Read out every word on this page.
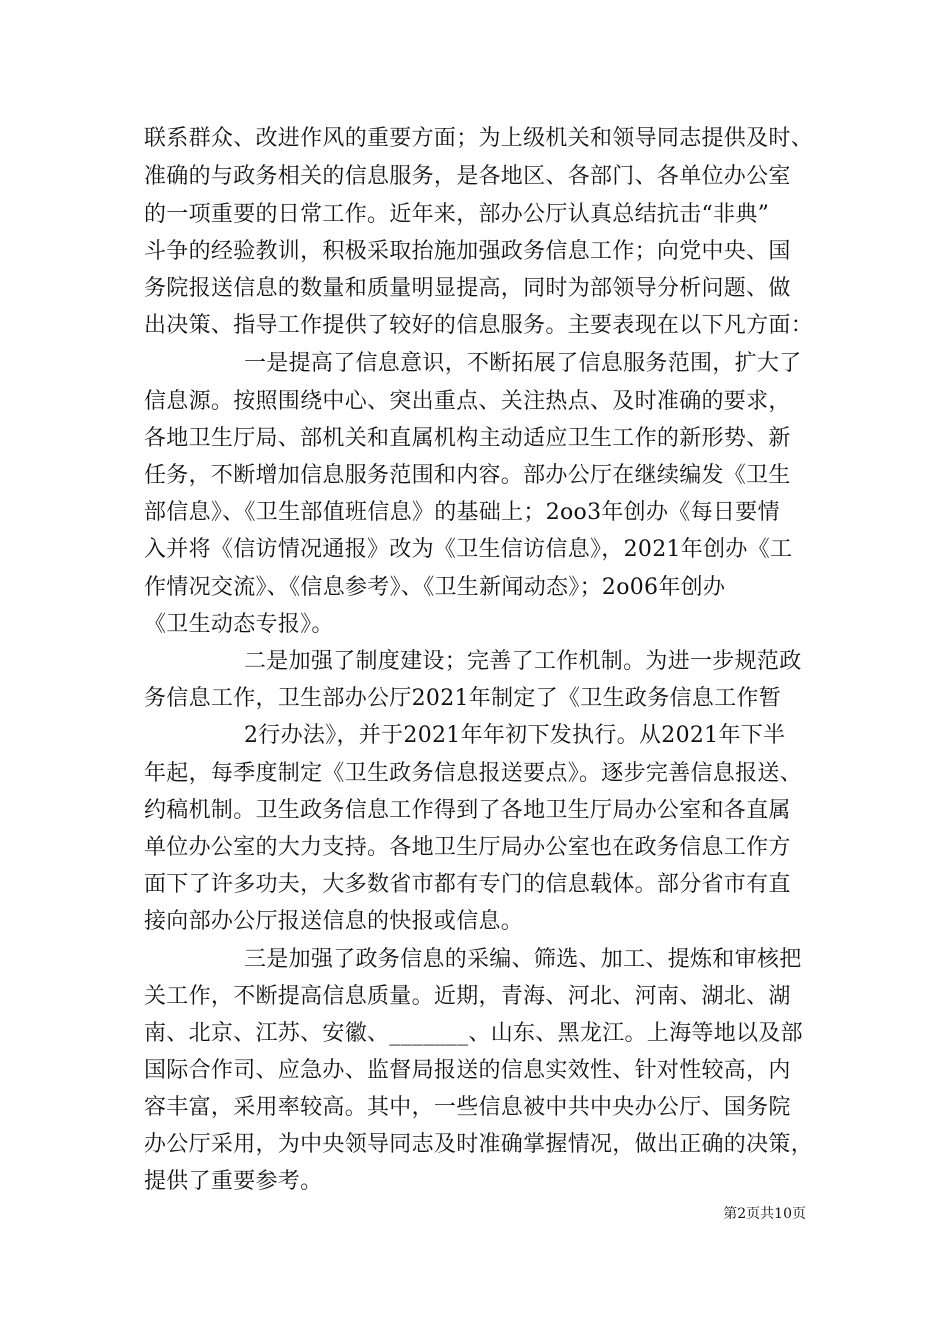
联系群众、改进作风的重要方面；为上级机关和领导同志提供及时、
准确的与政务相关的信息服务，是各地区、各部门、各单位办公室
的一项重要的日常工作。近年来，部办公厅认真总结抗击“非典”
斗争的经验教训，积极采取抬施加强政务信息工作；向党中央、国
务院报送信息的数量和质量明显提高，同时为部领导分析问题、做
出决策、指导工作提供了较好的信息服务。主要表现在以下凡方面：
一是提高了信息意识，不断拓展了信息服务范围，扩大了
信息源。按照围绕中心、突出重点、关注热点、及时准确的要求，
各地卫生厅局、部机关和直属机构主动适应卫生工作的新形势、新
任务，不断增加信息服务范围和内容。部办公厅在继续编发《卫生
部信息》、《卫生部值班信息》的基础上；2oo3年创办《每日要情
入并将《信访情况通报》改为《卫生信访信息》，2021年创办《工
作情况交流》、《信息参考》、《卫生新闻动态》；2o06年创办
《卫生动态专报》。
二是加强了制度建设；完善了工作机制。为进一步规范政
务信息工作，卫生部办公厅2021年制定了《卫生政务信息工作暂
2行办法》，并于2021年年初下发执行。从2021年下半
年起，每季度制定《卫生政务信息报送要点》。逐步完善信息报送、
约稿机制。卫生政务信息工作得到了各地卫生厅局办公室和各直属
单位办公室的大力支持。各地卫生厅局办公室也在政务信息工作方
面下了许多功夫，大多数省市都有专门的信息载体。部分省市有直
接向部办公厅报送信息的快报或信息。
三是加强了政务信息的采编、筛选、加工、提炼和审核把
关工作，不断提高信息质量。近期，青海、河北、河南、湖北、湖
南、北京、江苏、安徽、_______、山东、黑龙江。上海等地以及部
国际合作司、应急办、监督局报送的信息实效性、针对性较高，内
容丰富，采用率较高。其中，一些信息被中共中央办公厅、国务院
办公厅采用，为中央领导同志及时准确掌握情况，做出正确的决策，
提供了重要参考。
第2页共10页
